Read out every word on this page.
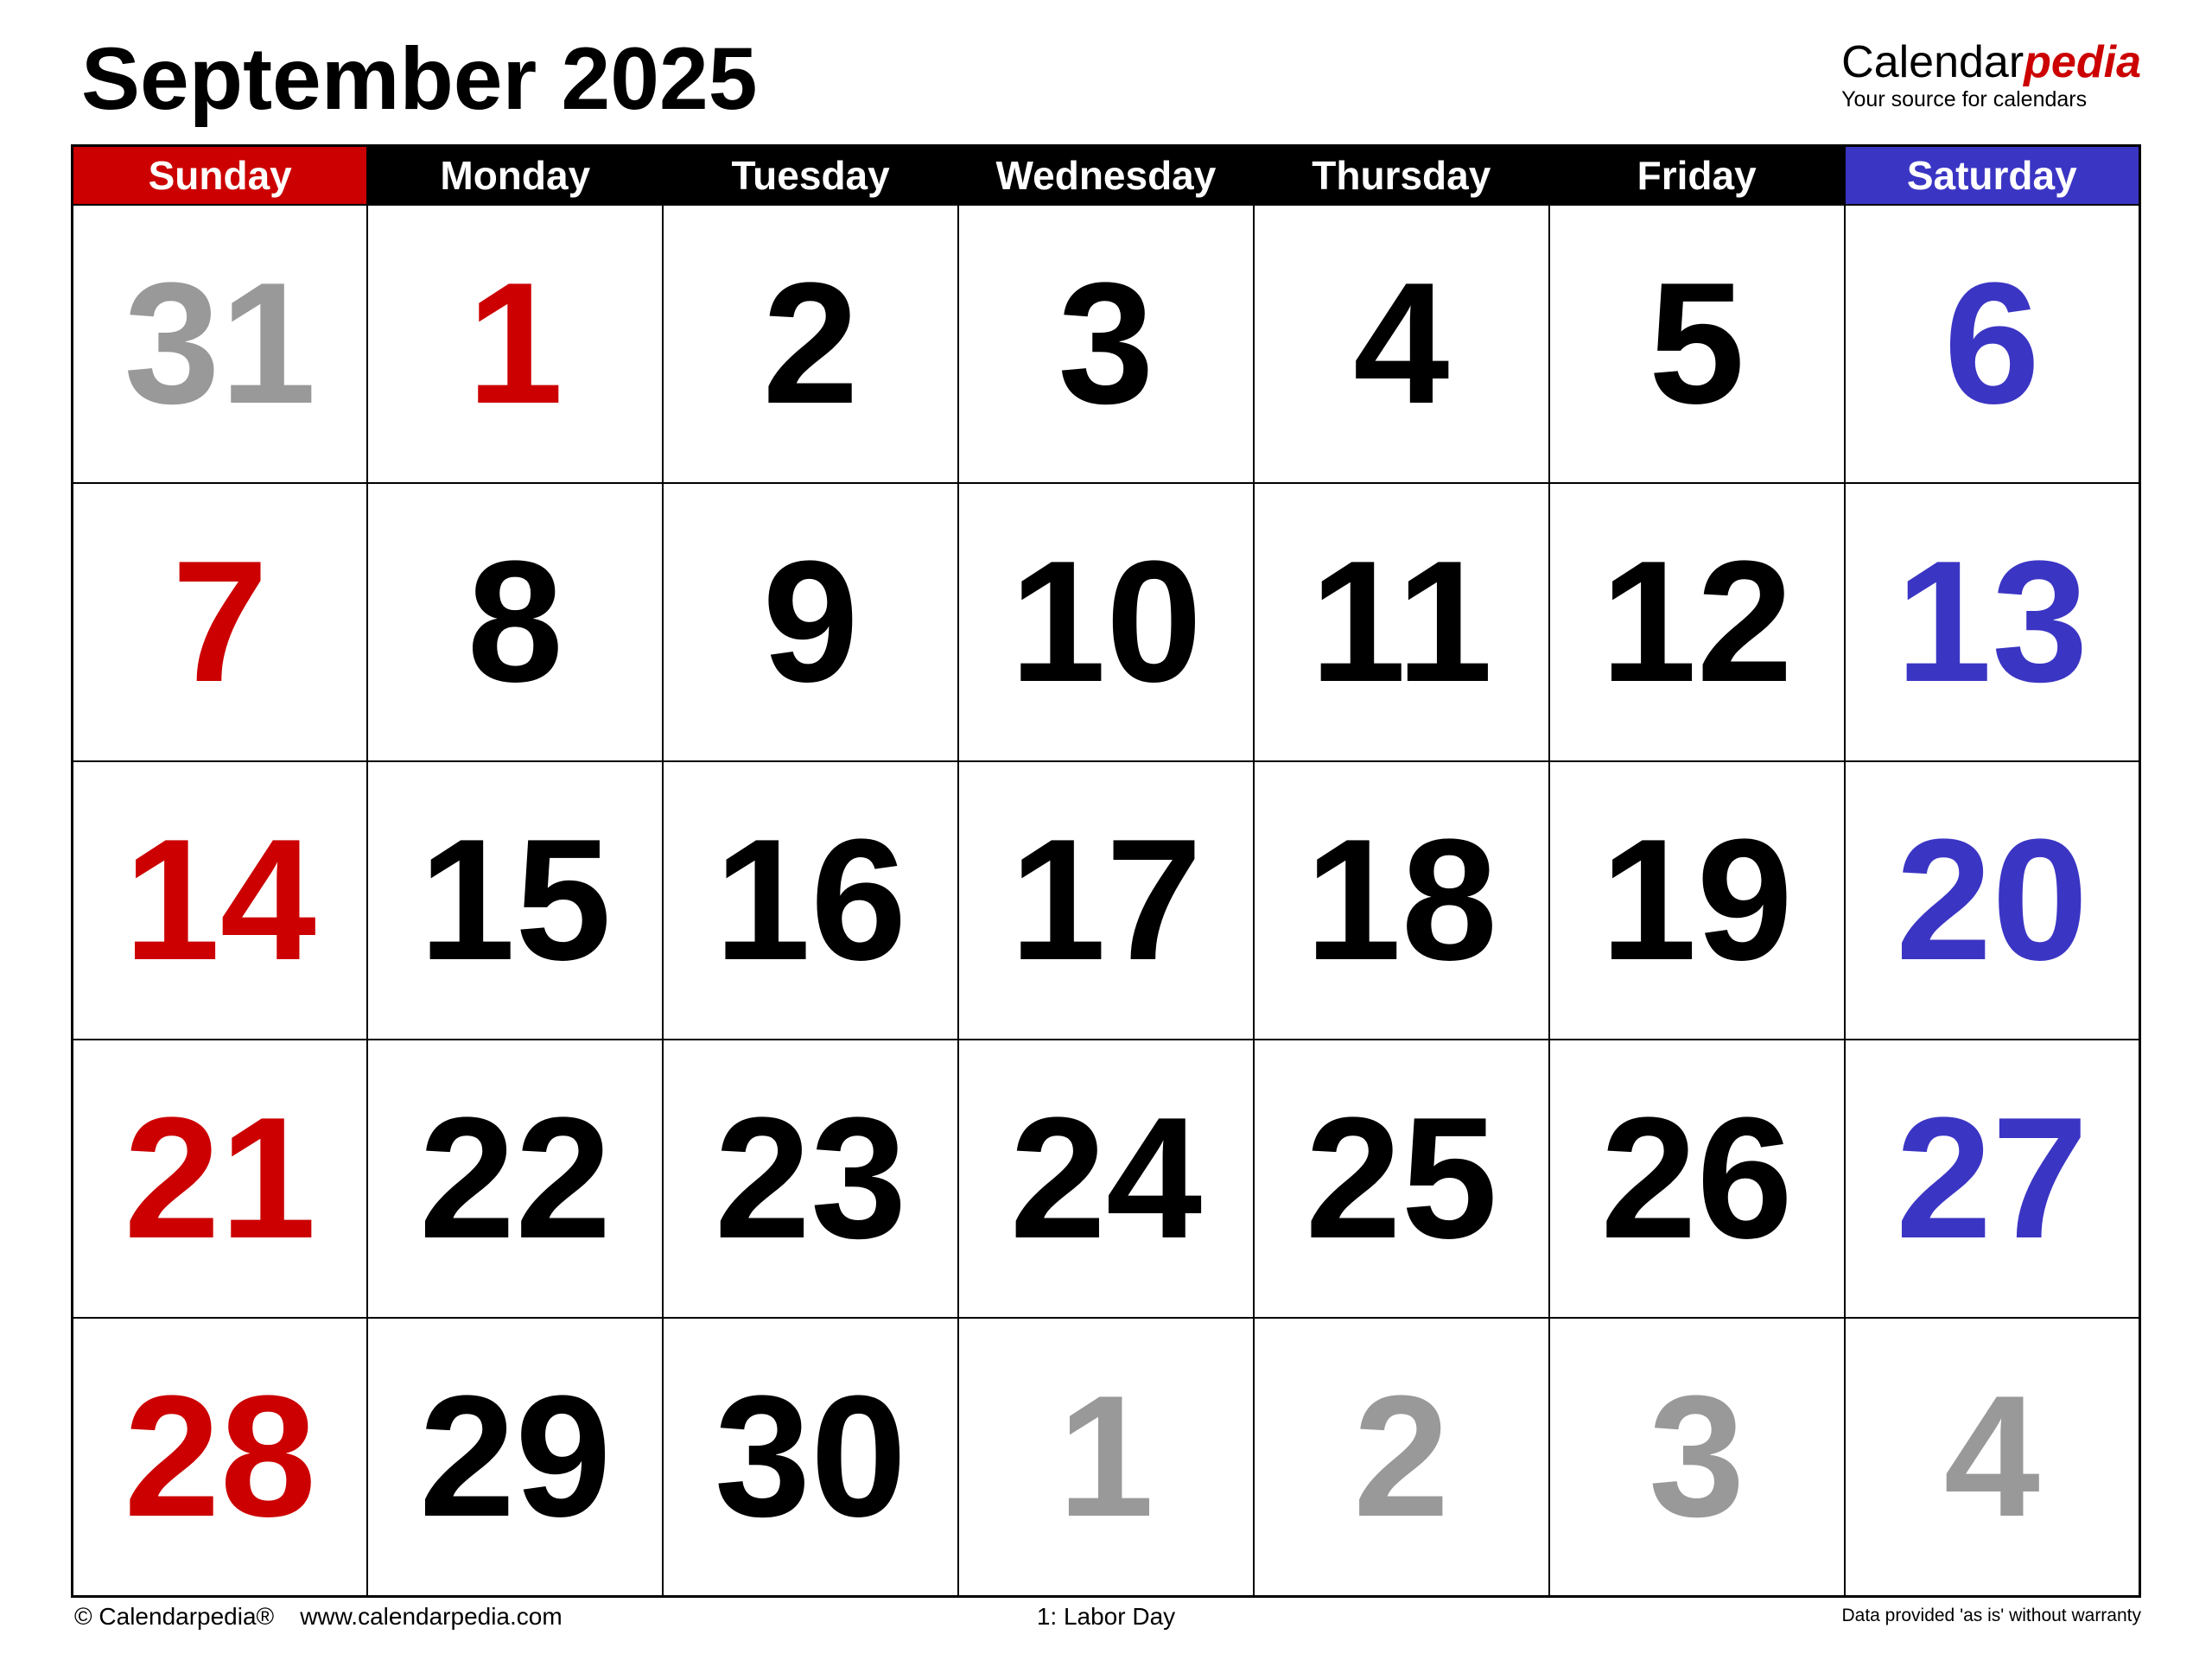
September 2025	Calendarpedia
Your source for calendars
Sunday	Monday	Tuesday	Wednesday	Thursday	Friday	Saturday
31	1	2	3	4	5	6
7	8	9	10	11	12	13
14	15	16	17	18	19	20
21	22	23	24	25	26	27
28	29	30	1	2	3	4
1: Labor Day
© Calendarpedia® www.calendarpedia.com	Data provided 'as is' without warranty
